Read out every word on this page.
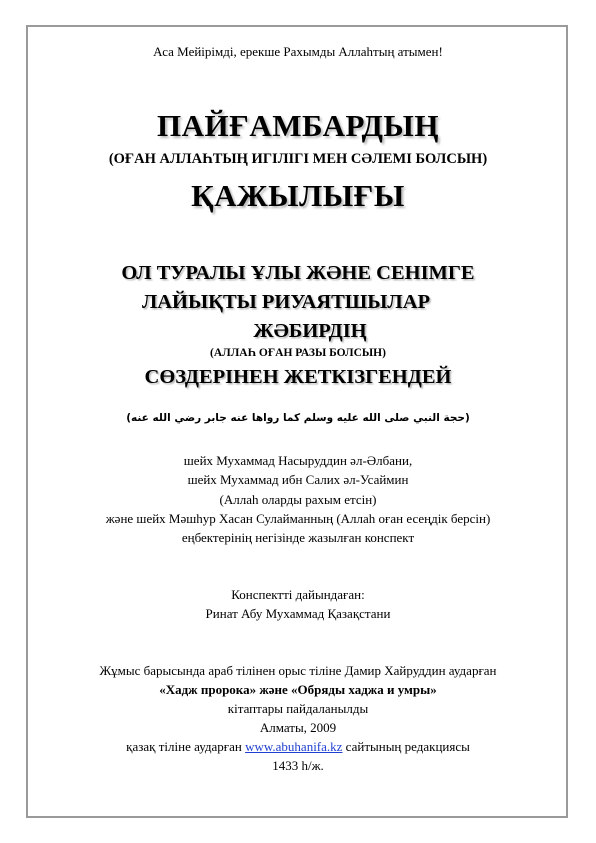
Аса Мейірімді, ерекше Рахымды Аллаһтың атымен!
ПАЙҒАМБАРДЫҢ
(ОҒАН АЛЛАҺТЫҢ ИГІЛІГІ МЕН СӘЛЕМІ БОЛСЫН)
ҚАЖЫЛЫҒЫ
ОЛ ТУРАЛЫ ҰЛЫ ЖӘНЕ СЕНІМГЕ
ЛАЙЫҚТЫ РИУАЯТШЫЛАР
ЖӘБИРДІҢ
(АЛЛАҺ ОҒАН РАЗЫ БОЛСЫН)
СӨЗДЕРІНЕН ЖЕТКІЗГЕНДЕЙ
(حجة النبي صلى الله عليه وسلم كما رواها عنه جابر رضي الله عنه)
шейх Мухаммад Насыруддин әл-Әлбани,
шейх Мухаммад ибн Салих әл-Усаймин
(Аллаһ оларды рахым етсін)
және шейх Мәшһур Хасан Сулайманның (Аллаһ оған есеңдік берсін)
еңбектерінің негізінде жазылған конспект
Конспектті дайындаған:
Ринат Абу Мухаммад Қазақстани
Жұмыс барысында араб тілінен орыс тіліне Дамир Хайруддин аударған
«Хадж пророка» және «Обряды хаджа и умры»
кітаптары пайдаланылды
Алматы, 2009
қазақ тіліне аударған www.abuhanifa.kz сайтының редакциясы
1433 һ/ж.
